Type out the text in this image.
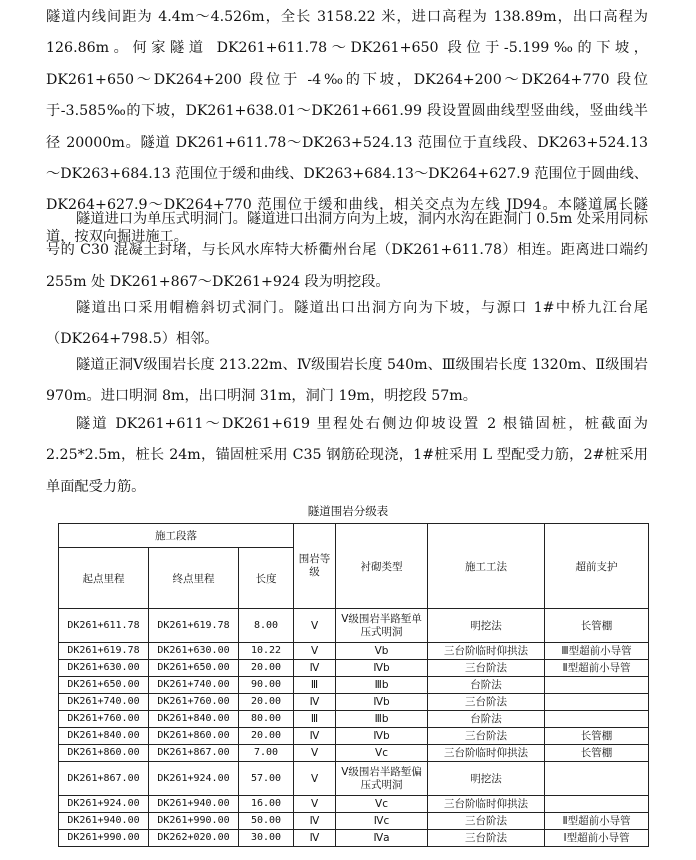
隧道内线间距为 4.4m～4.526m，全长 3158.22 米，进口高程为 138.89m，出口高程为 126.86m。何家隧道 DK261+611.78～DK261+650 段位于-5.199‰的下坡，DK261+650～DK264+200 段位于 -4‰的下坡，DK264+200～DK264+770 段位于-3.585‰的下坡，DK261+638.01～DK261+661.99 段设置圆曲线型竖曲线，竖曲线半径 20000m。隧道 DK261+611.78～DK263+524.13 范围位于直线段、DK263+524.13～DK263+684.13 范围位于缓和曲线、DK263+684.13～DK264+627.9 范围位于圆曲线、DK264+627.9～DK264+770 范围位于缓和曲线，相关交点为左线 JD94。本隧道属长隧道，按双向掘进施工。

隧道进口为单压式明洞门。隧道进口出洞方向为上坡，洞内水沟在距洞门 0.5m 处采用同标号的 C30 混凝土封堵，与长风水库特大桥衢州台尾（DK261+611.78）相连。距离进口端约 255m 处 DK261+867～DK261+924 段为明挖段。

隧道出口采用帽檐斜切式洞门。隧道出口出洞方向为下坡，与源口 1#中桥九江台尾（DK264+798.5）相邻。

隧道正洞Ⅴ级围岩长度 213.22m、Ⅳ级围岩长度 540m、Ⅲ级围岩长度 1320m、Ⅱ级围岩 970m。进口明洞 8m，出口明洞 31m，洞门 19m，明挖段 57m。

隧道 DK261+611～DK261+619 里程处右侧边仰坡设置 2 根锚固桩，桩截面为 2.25*2.5m，桩长 24m，锚固桩采用 C35 钢筋砼现浇，1#桩采用 L 型配受力筋，2#桩采用单面配受力筋。

隧道围岩分级表
施工段落			围岩等级	衬砌类型	施工工法	超前支护
起点里程	终点里程	长度				
DK261+611.78	DK261+619.78	8.00	Ⅴ	Ⅴ级围岩半路堑单压式明洞	明挖法	长管棚
DK261+619.78	DK261+630.00	10.22	Ⅴ	Ⅴb	三台阶临时仰拱法	Ⅲ型超前小导管
DK261+630.00	DK261+650.00	20.00	Ⅳ	Ⅳb	三台阶法	Ⅱ型超前小导管
DK261+650.00	DK261+740.00	90.00	Ⅲ	Ⅲb	台阶法	
DK261+740.00	DK261+760.00	20.00	Ⅳ	Ⅳb	三台阶法	
DK261+760.00	DK261+840.00	80.00	Ⅲ	Ⅲb	台阶法	
DK261+840.00	DK261+860.00	20.00	Ⅳ	Ⅳb	三台阶法	长管棚
DK261+860.00	DK261+867.00	7.00	Ⅴ	Ⅴc	三台阶临时仰拱法	长管棚
DK261+867.00	DK261+924.00	57.00	Ⅴ	Ⅴ级围岩半路堑偏压式明洞	明挖法	
DK261+924.00	DK261+940.00	16.00	Ⅴ	Ⅴc	三台阶临时仰拱法	
DK261+940.00	DK261+990.00	50.00	Ⅳ	Ⅳc	三台阶法	Ⅱ型超前小导管
DK261+990.00	DK262+020.00	30.00	Ⅳ	Ⅳa	三台阶法	Ⅰ型超前小导管
